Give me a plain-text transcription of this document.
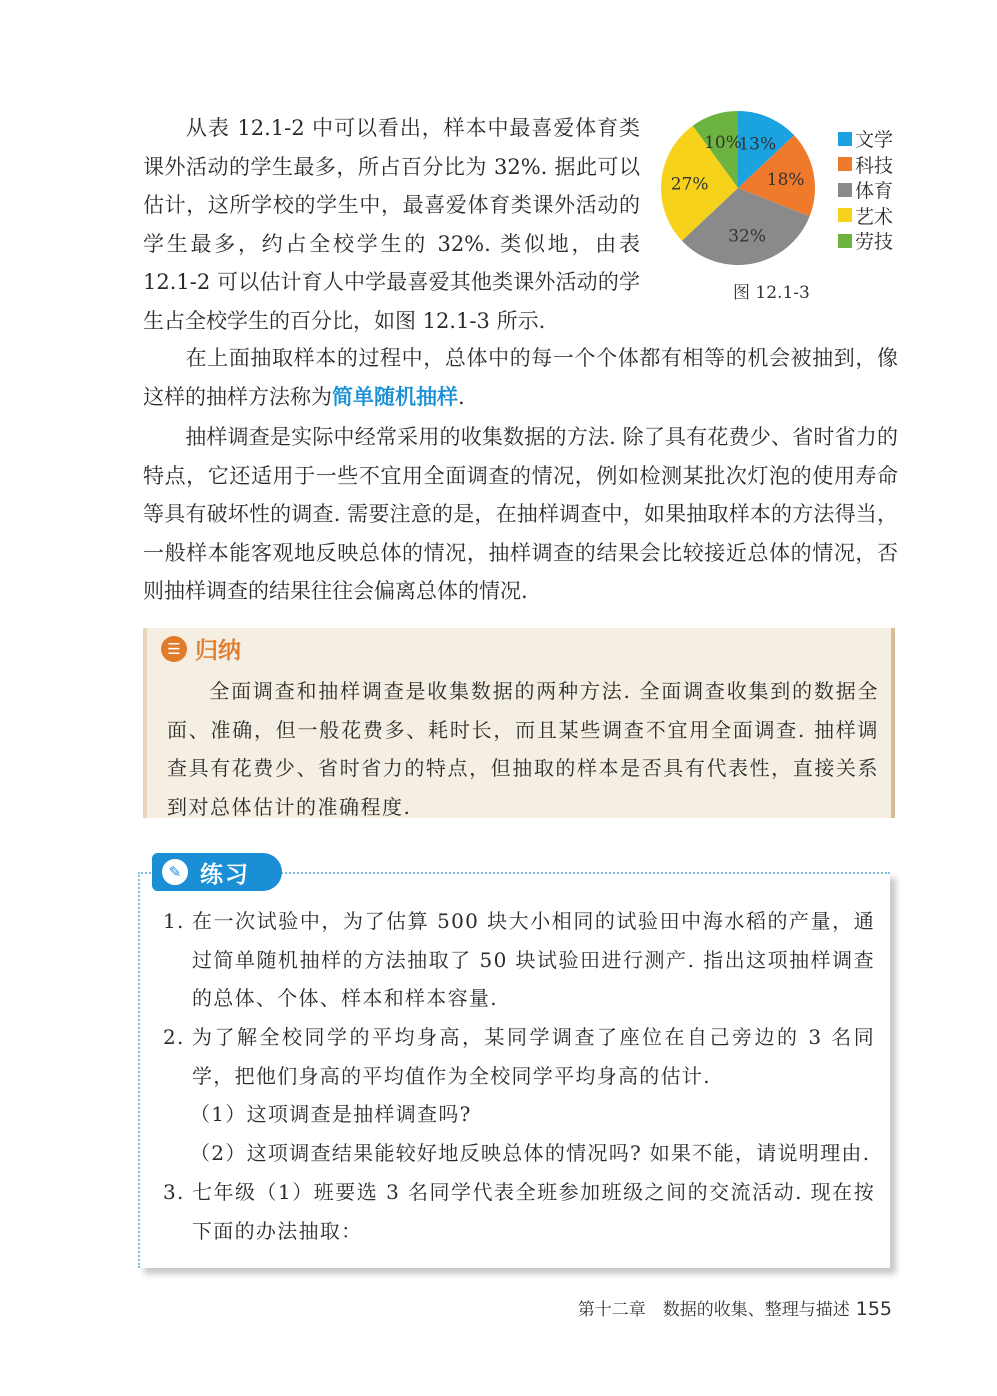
从表 12.1-2 中可以看出，样本中最喜爱体育类课外活动的学生最多，所占百分比为 32%. 据此可以估计，这所学校的学生中，最喜爱体育类课外活动的学生最多，约占全校学生的 32%. 类似地，由表 12.1-2 可以估计育人中学最喜爱其他类课外活动的学生占全校学生的百分比，如图 12.1-3 所示.
13%
18%
32%
27%
10%	文学
科技
体育
艺术
劳技
图 12.1-3
在上面抽取样本的过程中，总体中的每一个个体都有相等的机会被抽到，像这样的抽样方法称为简单随机抽样.
抽样调查是实际中经常采用的收集数据的方法. 除了具有花费少、省时省力的特点，它还适用于一些不宜用全面调查的情况，例如检测某批次灯泡的使用寿命等具有破坏性的调查. 需要注意的是，在抽样调查中，如果抽取样本的方法得当，一般样本能客观地反映总体的情况，抽样调查的结果会比较接近总体的情况，否则抽样调查的结果往往会偏离总体的情况.
☰ 归纳
全面调查和抽样调查是收集数据的两种方法. 全面调查收集到的数据全面、准确，但一般花费多、耗时长，而且某些调查不宜用全面调查. 抽样调查具有花费少、省时省力的特点，但抽取的样本是否具有代表性，直接关系到对总体估计的准确程度.
✎ 练习
1. 在一次试验中，为了估算 500 块大小相同的试验田中海水稻的产量，通过简单随机抽样的方法抽取了 50 块试验田进行测产. 指出这项抽样调查的总体、个体、样本和样本容量.
2. 为了解全校同学的平均身高，某同学调查了座位在自己旁边的 3 名同学，把他们身高的平均值作为全校同学平均身高的估计.
（1）这项调查是抽样调查吗?
（2）这项调查结果能较好地反映总体的情况吗? 如果不能，请说明理由.
3. 七年级（1）班要选 3 名同学代表全班参加班级之间的交流活动. 现在按下面的办法抽取：
第十二章　数据的收集、整理与描述 155
